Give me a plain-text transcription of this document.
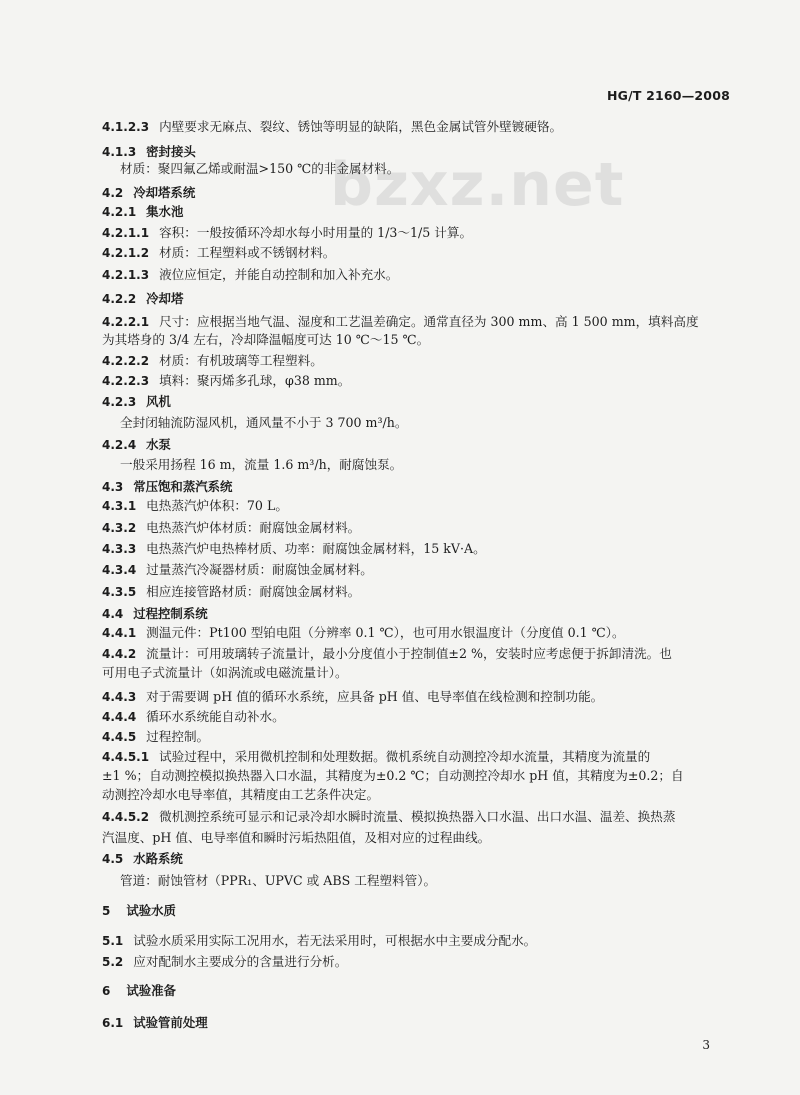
HG/T 2160—2008
bzxz.net
4.1.2.3 内壁要求无麻点、裂纹、锈蚀等明显的缺陷，黑色金属试管外壁镀硬铬。
4.1.3 密封接头
材质：聚四氟乙烯或耐温>150 ℃的非金属材料。
4.2 冷却塔系统
4.2.1 集水池
4.2.1.1 容积：一般按循环冷却水每小时用量的 1/3～1/5 计算。
4.2.1.2 材质：工程塑料或不锈钢材料。
4.2.1.3 液位应恒定，并能自动控制和加入补充水。
4.2.2 冷却塔
4.2.2.1 尺寸：应根据当地气温、湿度和工艺温差确定。通常直径为 300 mm、高 1 500 mm，填料高度
为其塔身的 3/4 左右，冷却降温幅度可达 10 ℃～15 ℃。
4.2.2.2 材质：有机玻璃等工程塑料。
4.2.2.3 填料：聚丙烯多孔球，φ38 mm。
4.2.3 风机
全封闭轴流防湿风机，通风量不小于 3 700 m³/h。
4.2.4 水泵
一般采用扬程 16 m，流量 1.6 m³/h，耐腐蚀泵。
4.3 常压饱和蒸汽系统
4.3.1 电热蒸汽炉体积：70 L。
4.3.2 电热蒸汽炉体材质：耐腐蚀金属材料。
4.3.3 电热蒸汽炉电热棒材质、功率：耐腐蚀金属材料，15 kV·A。
4.3.4 过量蒸汽冷凝器材质：耐腐蚀金属材料。
4.3.5 相应连接管路材质：耐腐蚀金属材料。
4.4 过程控制系统
4.4.1 测温元件：Pt100 型铂电阻（分辨率 0.1 ℃），也可用水银温度计（分度值 0.1 ℃）。
4.4.2 流量计：可用玻璃转子流量计，最小分度值小于控制值±2 %，安装时应考虑便于拆卸清洗。也
可用电子式流量计（如涡流或电磁流量计）。
4.4.3 对于需要调 pH 值的循环水系统，应具备 pH 值、电导率值在线检测和控制功能。
4.4.4 循环水系统能自动补水。
4.4.5 过程控制。
4.4.5.1 试验过程中，采用微机控制和处理数据。微机系统自动测控冷却水流量，其精度为流量的
±1 %；自动测控模拟换热器入口水温，其精度为±0.2 ℃；自动测控冷却水 pH 值，其精度为±0.2；自
动测控冷却水电导率值，其精度由工艺条件决定。
4.4.5.2 微机测控系统可显示和记录冷却水瞬时流量、模拟换热器入口水温、出口水温、温差、换热蒸
汽温度、pH 值、电导率值和瞬时污垢热阻值，及相对应的过程曲线。
4.5 水路系统
管道：耐蚀管材（PPR₁、UPVC 或 ABS 工程塑料管）。
5 试验水质
5.1 试验水质采用实际工况用水，若无法采用时，可根据水中主要成分配水。
5.2 应对配制水主要成分的含量进行分析。
6 试验准备
6.1 试验管前处理
3
